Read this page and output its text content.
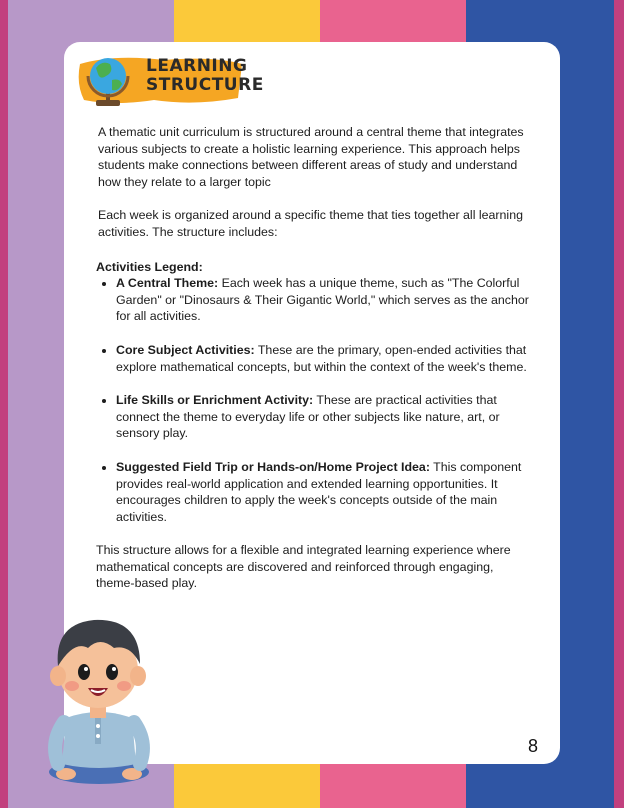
LEARNING
STRUCTURE

A thematic unit curriculum is structured around a central theme that integrates various subjects to create a holistic learning experience. This approach helps students make connections between different areas of study and understand how they relate to a larger topic

Each week is organized around a specific theme that ties together all learning activities. The structure includes:

Activities Legend:

• A Central Theme: Each week has a unique theme, such as "The Colorful Garden" or "Dinosaurs & Their Gigantic World," which serves as the anchor for all activities.
• Core Subject Activities: These are the primary, open-ended activities that explore mathematical concepts, but within the context of the week's theme.
• Life Skills or Enrichment Activity: These are practical activities that connect the theme to everyday life or other subjects like nature, art, or sensory play.
• Suggested Field Trip or Hands-on/Home Project Idea: This component provides real-world application and extended learning opportunities. It encourages children to apply the week's concepts outside of the main activities.

This structure allows for a flexible and integrated learning experience where mathematical concepts are discovered and reinforced through engaging, theme-based play.

8
